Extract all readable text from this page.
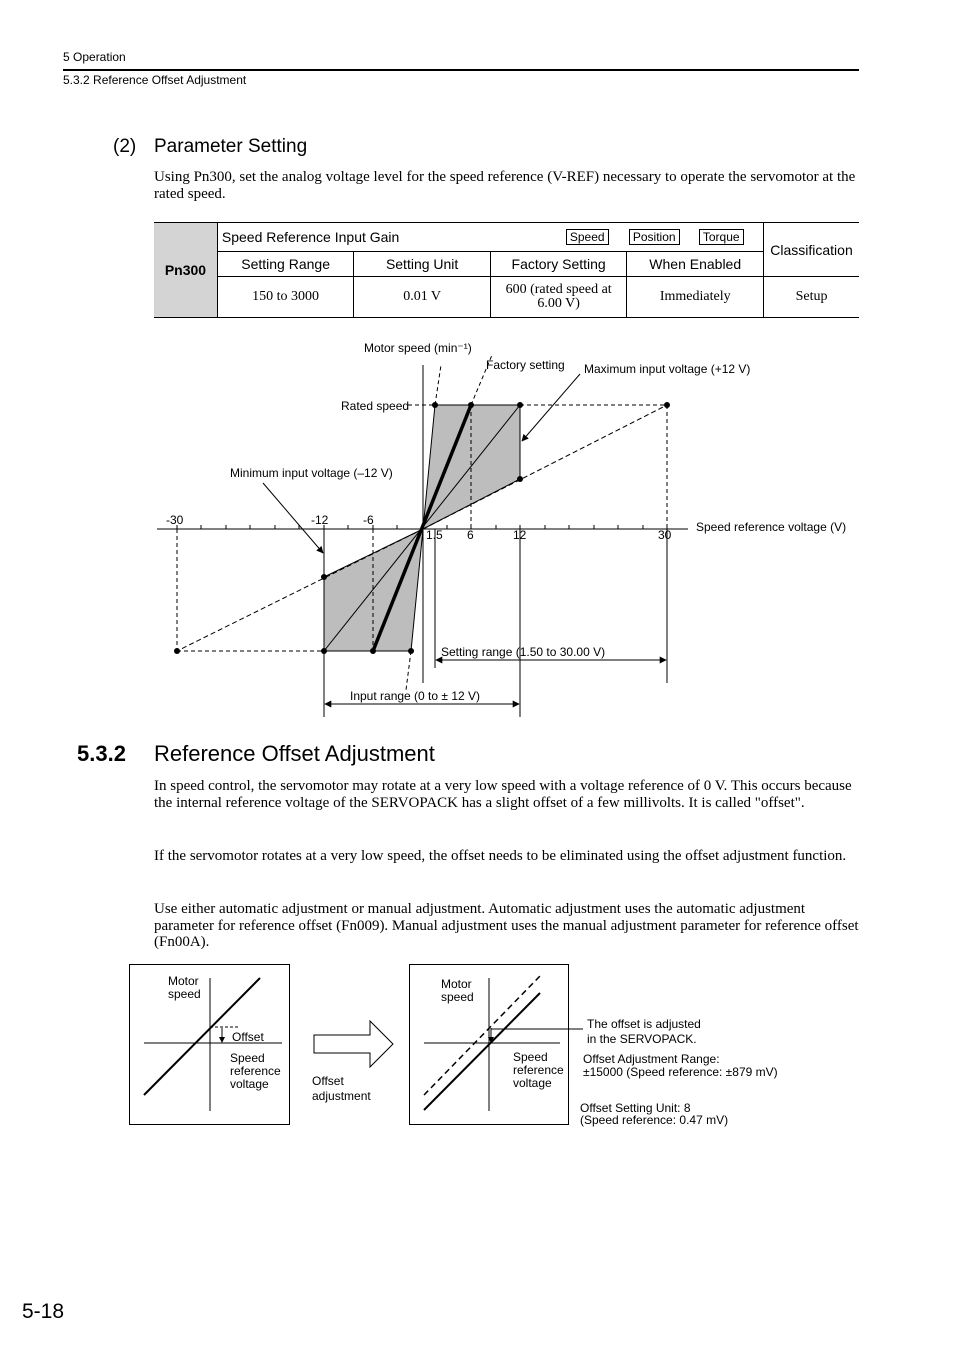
5 Operation
5.3.2 Reference Offset Adjustment
(2) Parameter Setting
Using Pn300, set the analog voltage level for the speed reference (V-REF) necessary to operate the servomotor at the rated speed.
Pn300	Speed Reference Input Gain Speed Position Torque				Classification
	Setting Range	Setting Unit	Factory Setting	When Enabled	
	150 to 3000	0.01 V	600 (rated speed at 6.00 V)	Immediately	Setup
Motor speed (min⁻¹)
Speed reference voltage (V)
Rated speed
Factory setting Maximum input voltage (+12 V)
Minimum input voltage (–12 V)
Setting range (1.50 to 30.00 V)
Input range (0 to ± 12 V)
-30	-12	-6
1.5 6	12	30
5.3.2 Reference Offset Adjustment
In speed control, the servomotor may rotate at a very low speed with a voltage reference of 0 V. This occurs because the internal reference voltage of the SERVOPACK has a slight offset of a few millivolts. It is called "offset".
If the servomotor rotates at a very low speed, the offset needs to be eliminated using the offset adjustment function.
Use either automatic adjustment or manual adjustment. Automatic adjustment uses the automatic adjustment parameter for reference offset (Fn009). Manual adjustment uses the manual adjustment parameter for reference offset (Fn00A).
Motor
speed
Offset
Speed
reference
voltage	Offset
adjustment
Motor
speed
Speed
reference
voltage
The offset is adjusted
in the SERVOPACK.
Offset Adjustment Range:
±15000 (Speed reference: ±879 mV)
Offset Setting Unit: 8
(Speed reference: 0.47 mV)
5-18
